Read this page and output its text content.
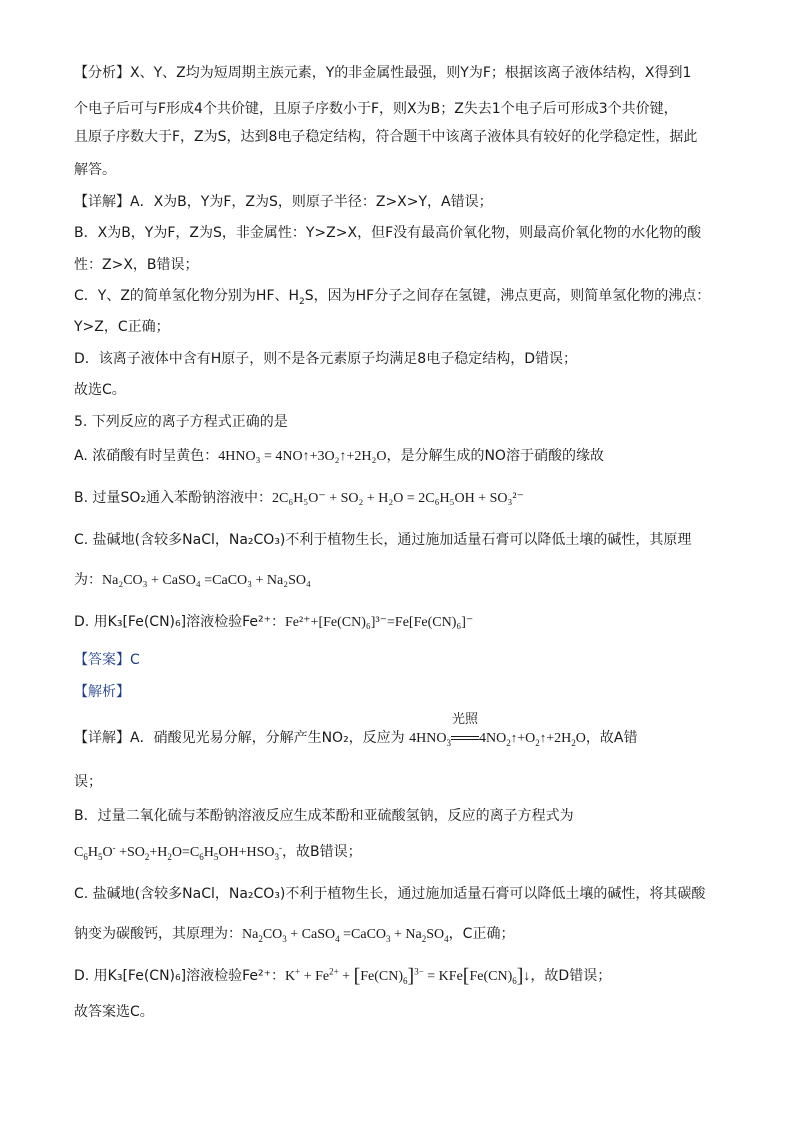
【分析】X、Y、Z均为短周期主族元素，Y的非金属性最强，则Y为F；根据该离子液体结构，X得到1
个电子后可与F形成4个共价键，且原子序数小于F，则X为B；Z失去1个电子后可形成3个共价键，
且原子序数大于F，Z为S，达到8电子稳定结构，符合题干中该离子液体具有较好的化学稳定性，据此
解答。
【详解】A．X为B，Y为F，Z为S，则原子半径：Z>X>Y，A错误；
B．X为B，Y为F，Z为S，非金属性：Y>Z>X，但F没有最高价氧化物，则最高价氧化物的水化物的酸
性：Z>X，B错误；
C．Y、Z的简单氢化物分别为HF、$H_2S$，因为HF分子之间存在氢键，沸点更高，则简单氢化物的沸点：
Y>Z，C正确；
D．该离子液体中含有H原子，则不是各元素原子均满足8电子稳定结构，D错误；
故选C。
5. 下列反应的离子方程式正确的是
A. 浓硝酸有时呈黄色：4HNO₃ = 4NO↑+3O₂↑+2H₂O，是分解生成的NO溶于硝酸的缘故
B. 过量SO₂通入苯酚钠溶液中：2C₆H₅O⁻ + SO₂ + H₂O = 2C₆H₅OH + SO₃²⁻
C. 盐碱地(含较多NaCl，Na₂CO₃)不利于植物生长，通过施加适量石膏可以降低土壤的碱性，其原理
为：Na₂CO₃ + CaSO₄ =CaCO₃ + Na₂SO₄
D. 用K₃[Fe(CN)₆]溶液检验Fe²⁺：Fe²⁺+[Fe(CN)₆]³⁻=Fe[Fe(CN)₆]⁻
【答案】C
【解析】
【详解】A．硝酸见光易分解，分解产生NO₂，反应为 $4HNO_3$
光照
$4NO_2↑+O_2↑+2H_2O$，故A错
误；
B．过量二氧化硫与苯酚钠溶液反应生成苯酚和亚硫酸氢钠，反应的离子方程式为
$C_6H_5O^- +SO_2+H_2O=C_6H_5OH+HSO_3^-$，故B错误；
C. 盐碱地(含较多NaCl，Na₂CO₃)不利于植物生长，通过施加适量石膏可以降低土壤的碱性，将其碳酸
钠变为碳酸钙，其原理为：$Na_2CO_3$ + CaSO$_4$ =CaCO$_3$ + $Na_2SO_4$，C正确；
D. 用K₃[Fe(CN)₆]溶液检验Fe²⁺：$K^+ + Fe^{2+} + [Fe(CN)_6]^{3-}$ = $KFe[Fe(CN)_6]↓$，故D错误；
故答案选C。
